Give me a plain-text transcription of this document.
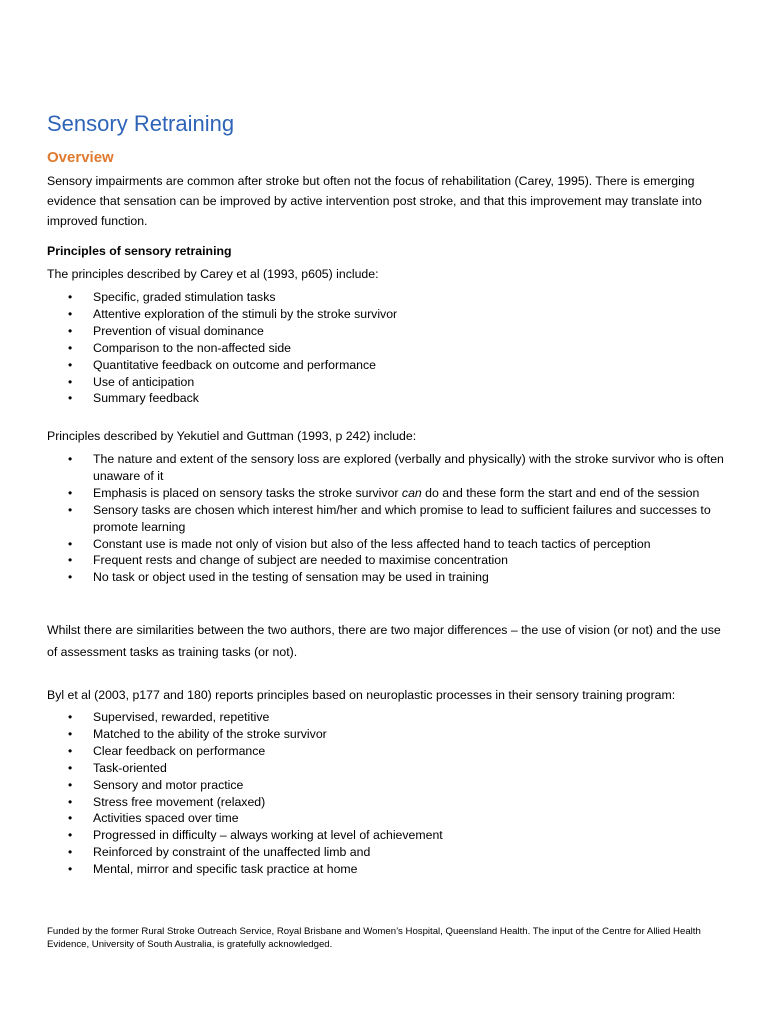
Sensory Retraining
Overview

Sensory impairments are common after stroke but often not the focus of rehabilitation (Carey, 1995). There is emerging evidence that sensation can be improved by active intervention post stroke, and that this improvement may translate into improved function.

Principles of sensory retraining

The principles described by Carey et al (1993, p605) include:

• Specific, graded stimulation tasks
• Attentive exploration of the stimuli by the stroke survivor
• Prevention of visual dominance
• Comparison to the non-affected side
• Quantitative feedback on outcome and performance
• Use of anticipation
• Summary feedback

Principles described by Yekutiel and Guttman (1993, p 242) include:

• The nature and extent of the sensory loss are explored (verbally and physically) with the stroke survivor who is often unaware of it
• Emphasis is placed on sensory tasks the stroke survivor can do and these form the start and end of the session
• Sensory tasks are chosen which interest him/her and which promise to lead to sufficient failures and successes to promote learning
• Constant use is made not only of vision but also of the less affected hand to teach tactics of perception
• Frequent rests and change of subject are needed to maximise concentration
• No task or object used in the testing of sensation may be used in training

Whilst there are similarities between the two authors, there are two major differences – the use of vision (or not) and the use of assessment tasks as training tasks (or not).

Byl et al (2003, p177 and 180) reports principles based on neuroplastic processes in their sensory training program:

• Supervised, rewarded, repetitive
• Matched to the ability of the stroke survivor
• Clear feedback on performance
• Task-oriented
• Sensory and motor practice
• Stress free movement (relaxed)
• Activities spaced over time
• Progressed in difficulty – always working at level of achievement
• Reinforced by constraint of the unaffected limb and
• Mental, mirror and specific task practice at home

Funded by the former Rural Stroke Outreach Service, Royal Brisbane and Women’s Hospital, Queensland Health. The input of the Centre for Allied Health Evidence, University of South Australia, is gratefully acknowledged.
